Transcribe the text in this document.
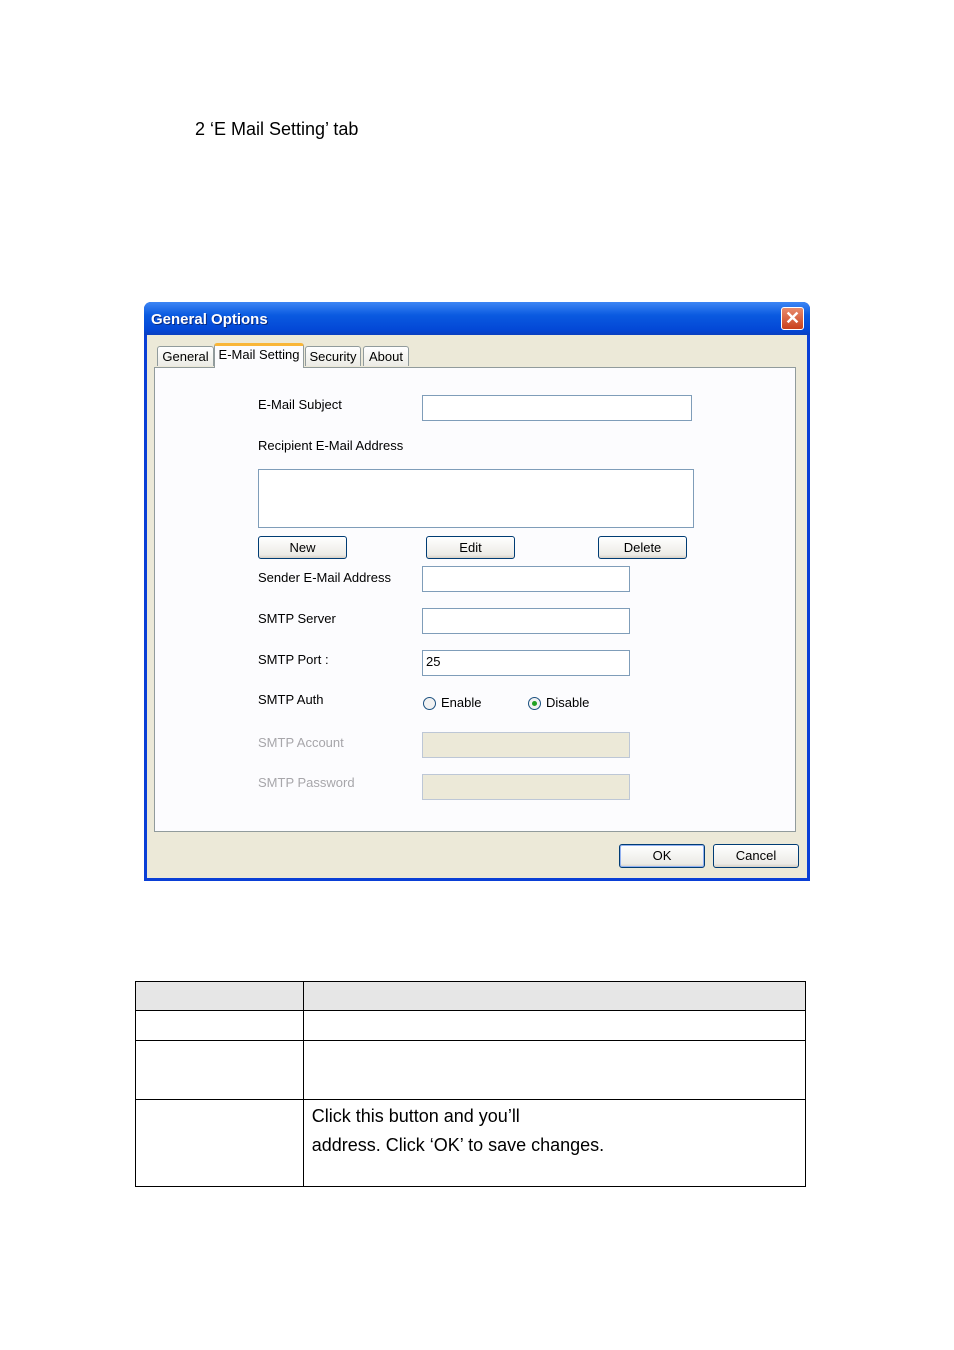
2 ‘E Mail Setting’ tab
General Options	✕
General E-Mail Setting Security About
E-Mail Subject
Recipient E-Mail Address
New	Edit	Delete
Sender E-Mail Address
SMTP Server
SMTP Port :	25
SMTP Auth	Enable	Disable
SMTP Account
SMTP Password
OK	Cancel

	Click this button and you’ll
address. Click ‘OK’ to save changes.
